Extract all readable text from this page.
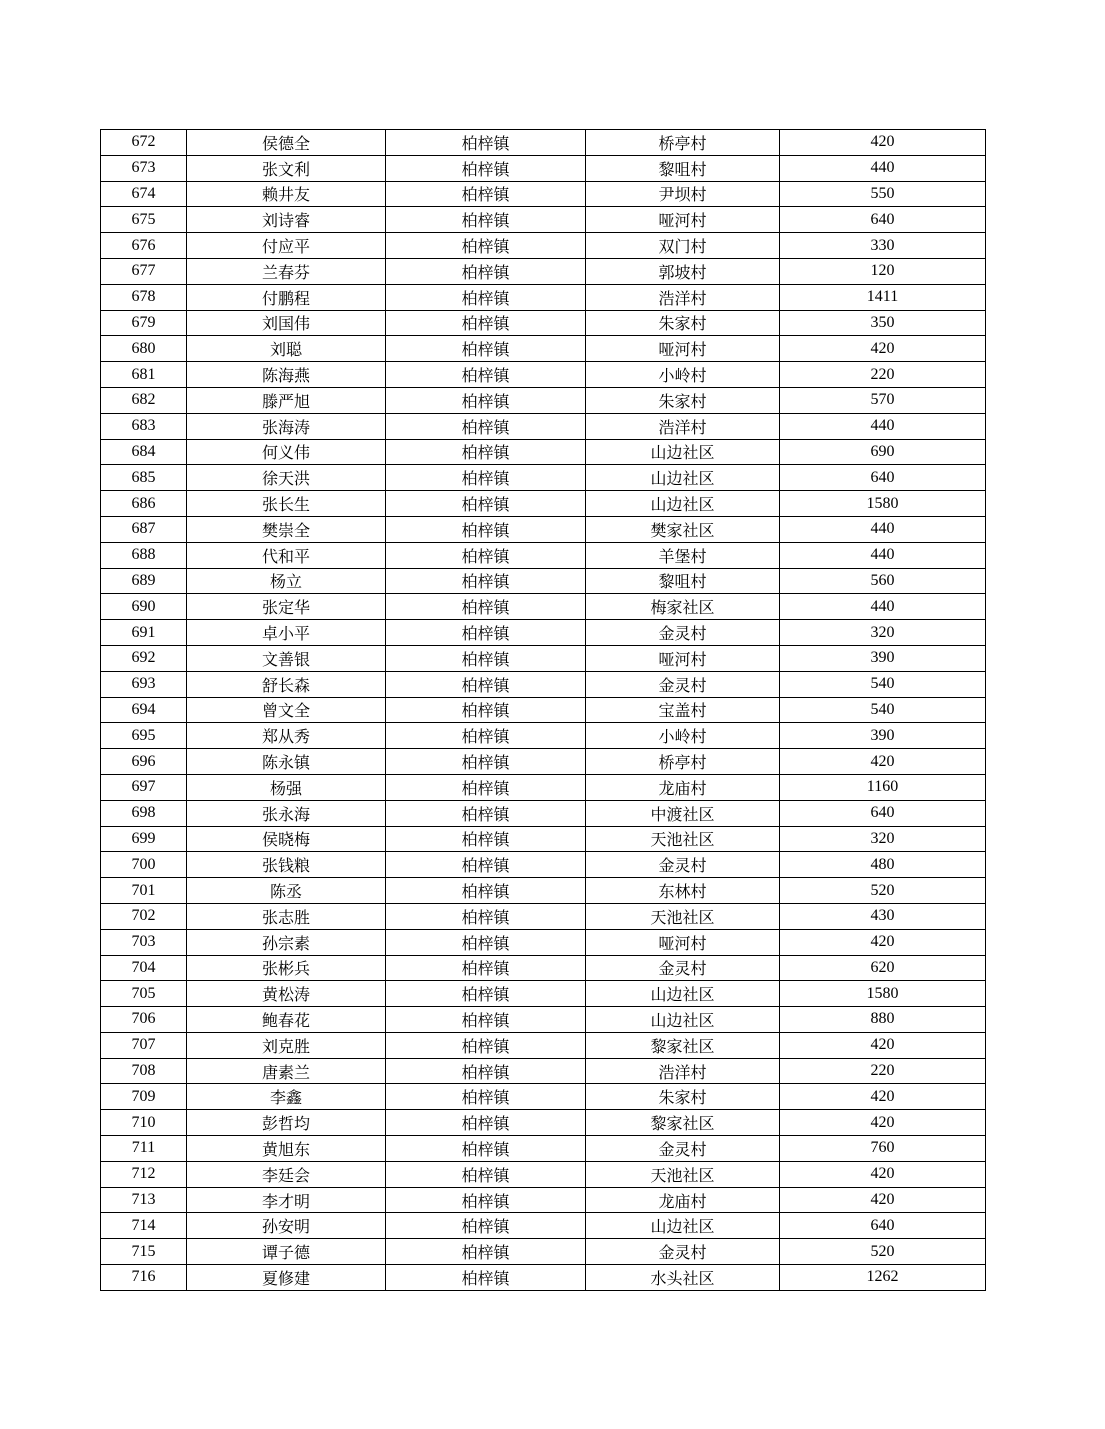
672	侯德全	柏梓镇	桥亭村	420
673	张文利	柏梓镇	黎咀村	440
674	赖井友	柏梓镇	尹坝村	550
675	刘诗睿	柏梓镇	哑河村	640
676	付应平	柏梓镇	双门村	330
677	兰春芬	柏梓镇	郭坡村	120
678	付鹏程	柏梓镇	浩洋村	1411
679	刘国伟	柏梓镇	朱家村	350
680	刘聪	柏梓镇	哑河村	420
681	陈海燕	柏梓镇	小岭村	220
682	滕严旭	柏梓镇	朱家村	570
683	张海涛	柏梓镇	浩洋村	440
684	何义伟	柏梓镇	山边社区	690
685	徐天洪	柏梓镇	山边社区	640
686	张长生	柏梓镇	山边社区	1580
687	樊崇全	柏梓镇	樊家社区	440
688	代和平	柏梓镇	羊堡村	440
689	杨立	柏梓镇	黎咀村	560
690	张定华	柏梓镇	梅家社区	440
691	卓小平	柏梓镇	金灵村	320
692	文善银	柏梓镇	哑河村	390
693	舒长森	柏梓镇	金灵村	540
694	曾文全	柏梓镇	宝盖村	540
695	郑从秀	柏梓镇	小岭村	390
696	陈永镇	柏梓镇	桥亭村	420
697	杨强	柏梓镇	龙庙村	1160
698	张永海	柏梓镇	中渡社区	640
699	侯晓梅	柏梓镇	天池社区	320
700	张钱粮	柏梓镇	金灵村	480
701	陈丞	柏梓镇	东林村	520
702	张志胜	柏梓镇	天池社区	430
703	孙宗素	柏梓镇	哑河村	420
704	张彬兵	柏梓镇	金灵村	620
705	黄松涛	柏梓镇	山边社区	1580
706	鲍春花	柏梓镇	山边社区	880
707	刘克胜	柏梓镇	黎家社区	420
708	唐素兰	柏梓镇	浩洋村	220
709	李鑫	柏梓镇	朱家村	420
710	彭哲均	柏梓镇	黎家社区	420
711	黄旭东	柏梓镇	金灵村	760
712	李廷会	柏梓镇	天池社区	420
713	李才明	柏梓镇	龙庙村	420
714	孙安明	柏梓镇	山边社区	640
715	谭子德	柏梓镇	金灵村	520
716	夏修建	柏梓镇	水头社区	1262
